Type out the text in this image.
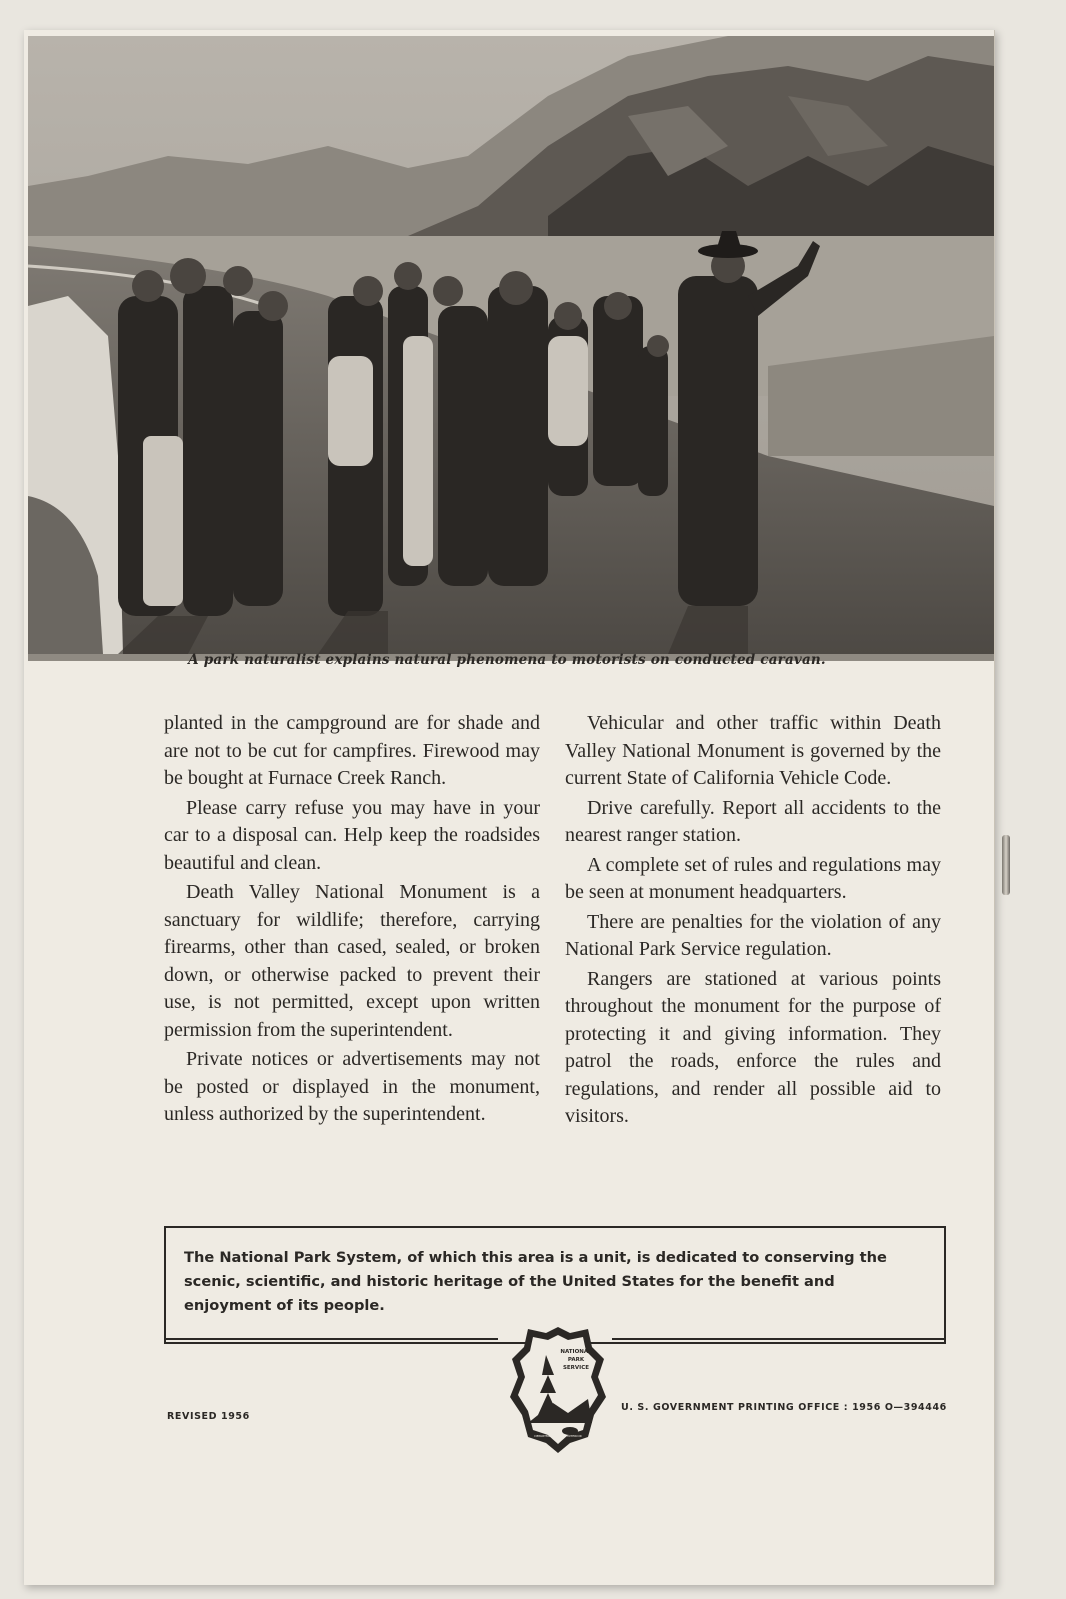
A park naturalist explains natural phenomena to motorists on conducted caravan.

planted in the campground are for shade and are not to be cut for campfires. Firewood may be bought at Furnace Creek Ranch.

Please carry refuse you may have in your car to a disposal can. Help keep the roadsides beautiful and clean.

Death Valley National Monument is a sanctuary for wildlife; therefore, carrying firearms, other than cased, sealed, or broken down, or otherwise packed to prevent their use, is not permitted, except upon written permission from the superintendent.

Private notices or advertisements may not be posted or displayed in the monument, unless authorized by the superintendent.

Vehicular and other traffic within Death Valley National Monument is governed by the current State of California Vehicle Code.

Drive carefully. Report all accidents to the nearest ranger station.

A complete set of rules and regulations may be seen at monument headquarters.

There are penalties for the violation of any National Park Service regulation.

Rangers are stationed at various points throughout the monument for the purpose of protecting it and giving information. They patrol the roads, enforce the rules and regulations, and render all possible aid to visitors.

The National Park System, of which this area is a unit, is dedicated to conserving the scenic, scientific, and historic heritage of the United States for the benefit and enjoyment of its people.
NATIONAL
PARK
SERVICE
DEPARTMENT OF THE INTERIOR
REVISED 1956
U. S. GOVERNMENT PRINTING OFFICE : 1956 O—394446
